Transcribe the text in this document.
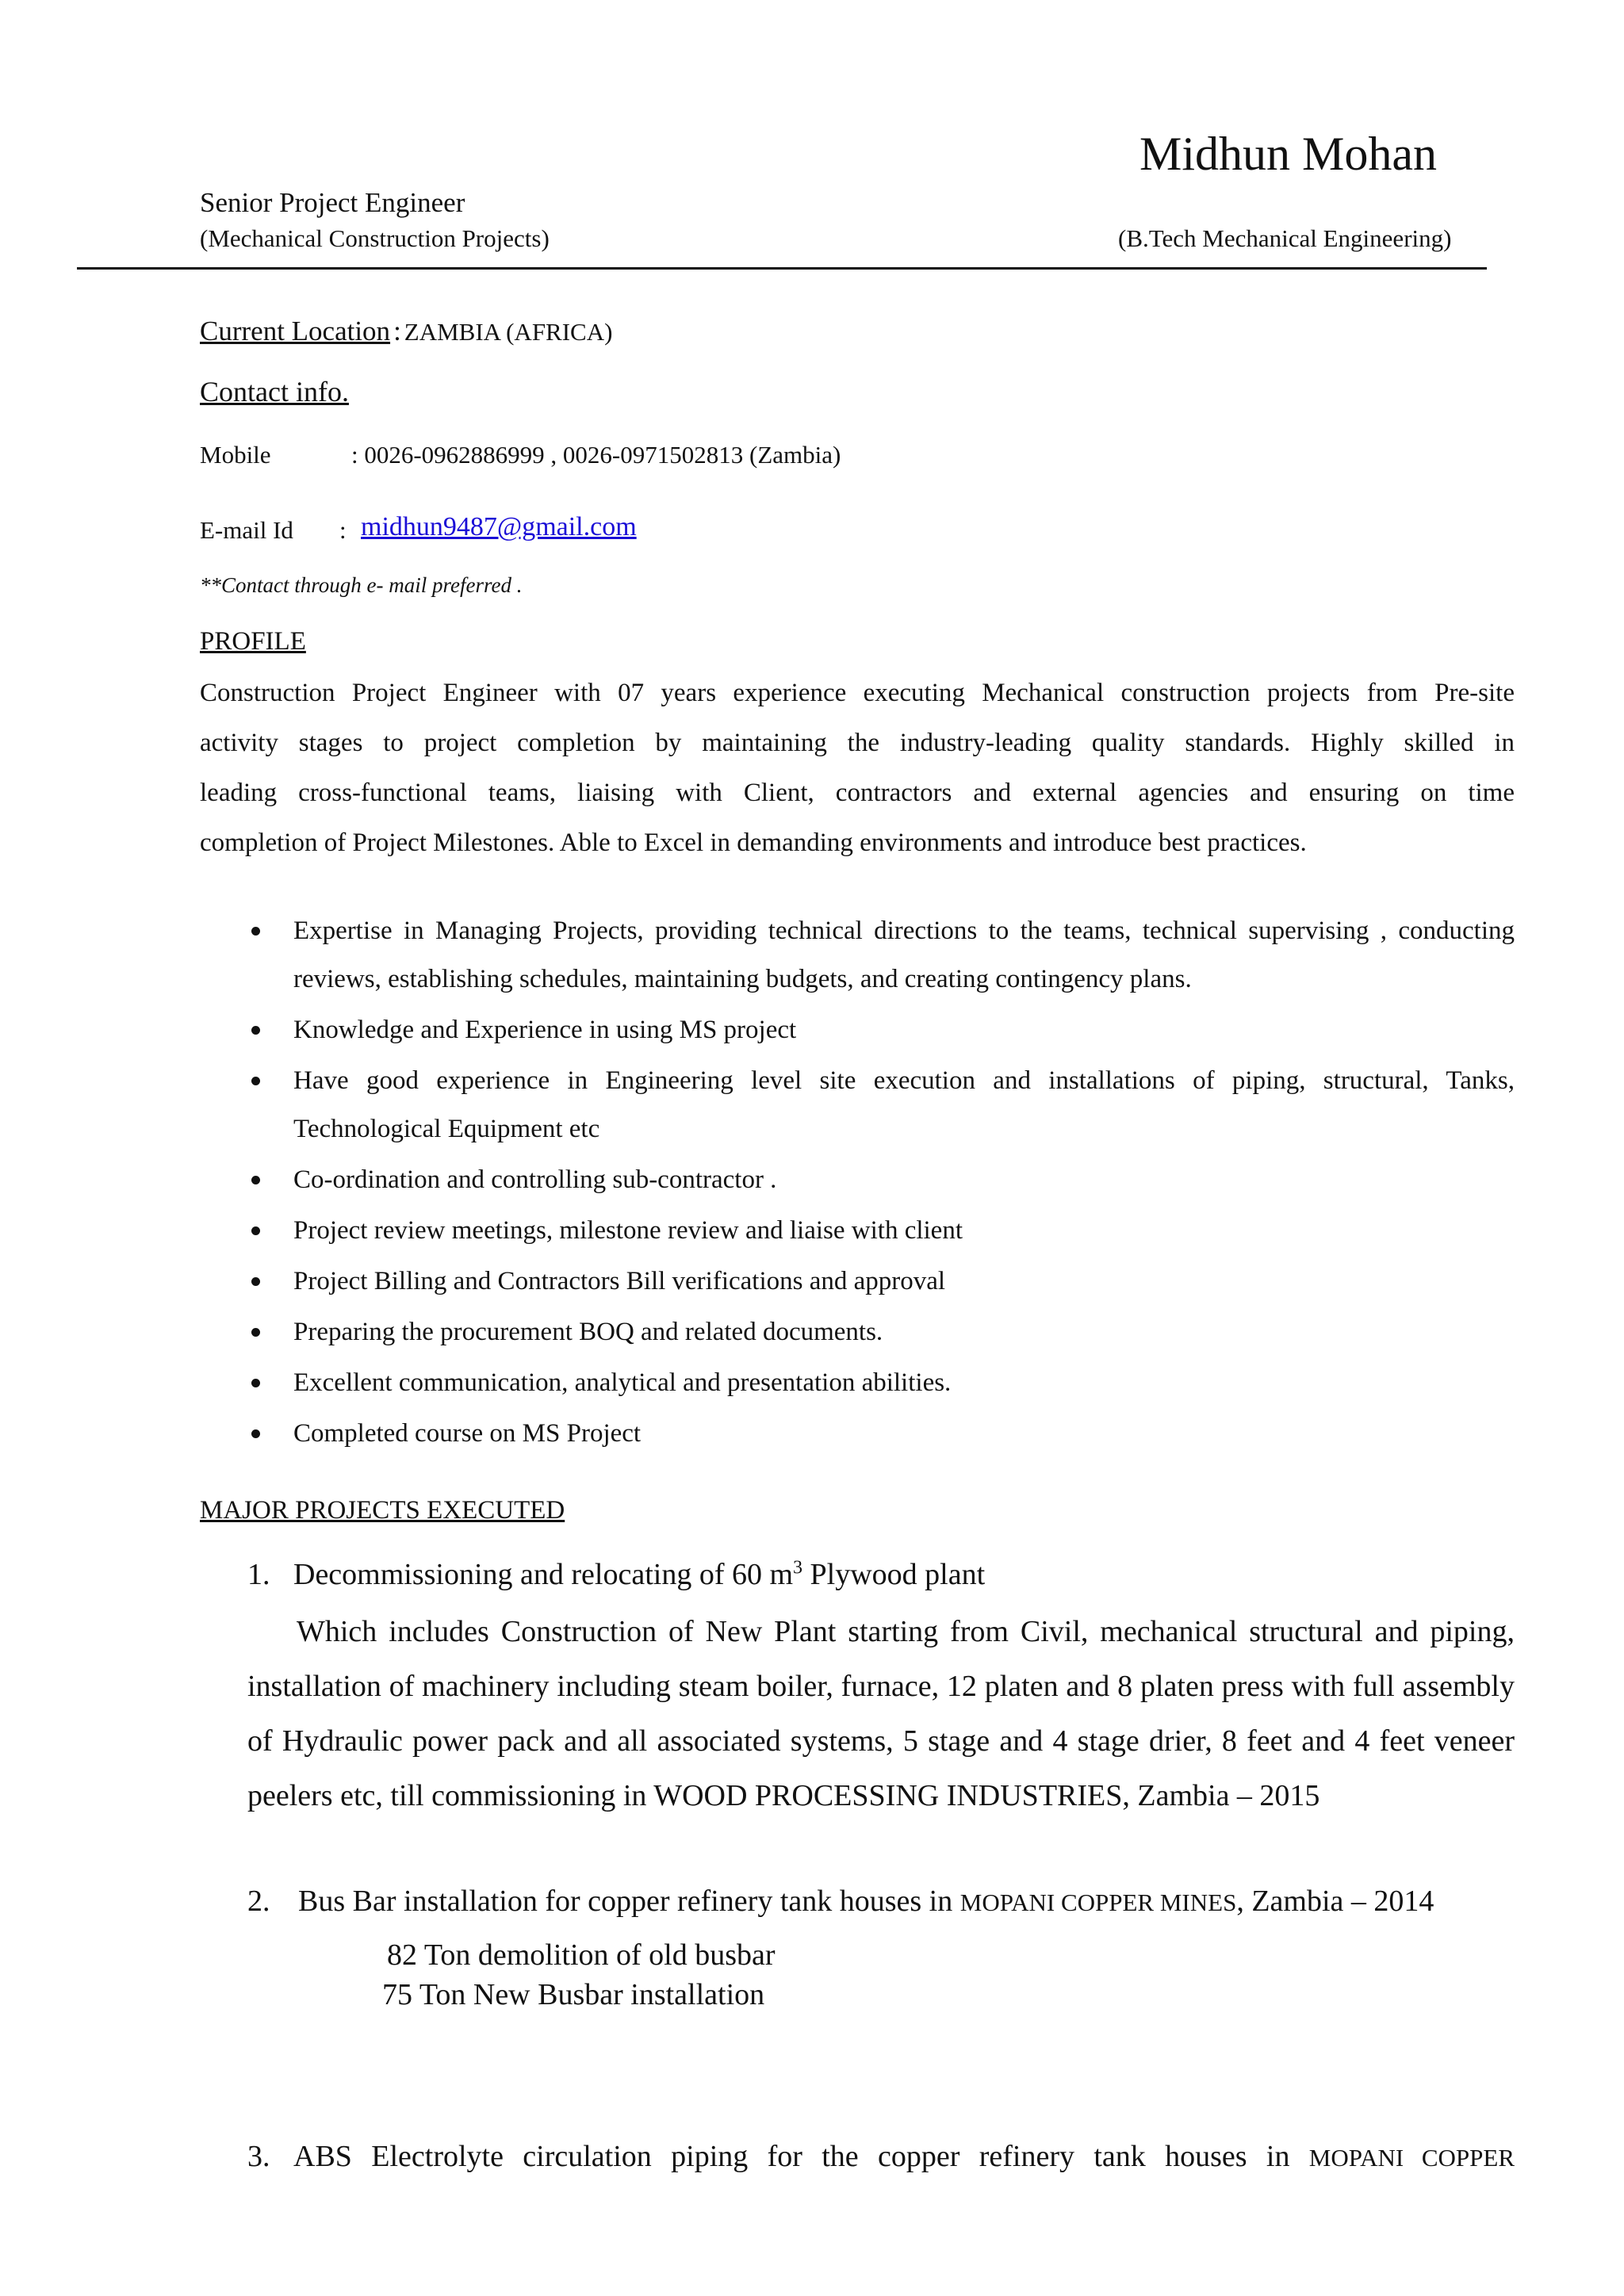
Midhun Mohan
Senior Project Engineer
(Mechanical Construction Projects)	(B.Tech Mechanical Engineering)
Current Location : ZAMBIA (AFRICA)
Contact info.
Mobile	: 0026-0962886999 , 0026-0971502813 (Zambia)
E-mail Id : midhun9487@gmail.com
**Contact through e- mail preferred .
PROFILE
Construction Project Engineer with 07 years experience executing Mechanical construction projects from Pre-site
activity stages to project completion by maintaining the industry-leading quality standards. Highly skilled in
leading cross-functional teams, liaising with Client, contractors and external agencies and ensuring on time
completion of Project Milestones. Able to Excel in demanding environments and introduce best practices.
Expertise in Managing Projects, providing technical directions to the teams, technical supervising , conducting reviews, establishing schedules, maintaining budgets, and creating contingency plans.
Knowledge and Experience in using MS project
Have good experience in Engineering level site execution and installations of piping, structural, Tanks, Technological Equipment etc
Co-ordination and controlling sub-contractor .
Project review meetings, milestone review and liaise with client
Project Billing and Contractors Bill verifications and approval
Preparing the procurement BOQ and related documents.
Excellent communication, analytical and presentation abilities.
Completed course on MS Project
MAJOR PROJECTS EXECUTED
1. Decommissioning and relocating of 60 $m^3$ Plywood plant
Which includes Construction of New Plant starting from Civil, mechanical structural and piping, installation of machinery including steam boiler, furnace, 12 platen and 8 platen press with full assembly of Hydraulic power pack and all associated systems, 5 stage and 4 stage drier, 8 feet and 4 feet veneer peelers etc, till commissioning in WOOD PROCESSING INDUSTRIES, Zambia – 2015
2. Bus Bar installation for copper refinery tank houses in MOPANI COPPER MINES, Zambia – 2014
82 Ton demolition of old busbar
75 Ton New Busbar installation
3. ABS Electrolyte circulation piping for the copper refinery tank houses in MOPANI COPPER
